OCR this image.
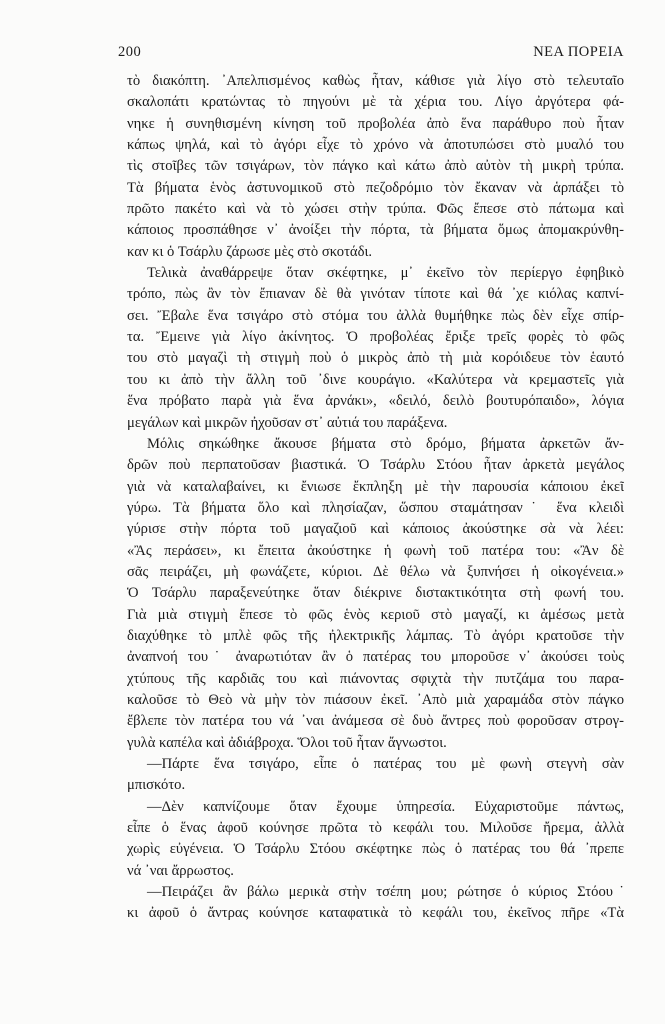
200	ΝΕΑ ΠΟΡΕΙΑ
τὸ διακόπτη. ᾿Απελπισμένος καθὼς ἦταν, κάθισε γιὰ λίγο στὸ τελευταῖο
σκαλοπάτι κρατώντας τὸ πηγούνι μὲ τὰ χέρια του. Λίγο ἀργότερα φά-
νηκε ἡ συνηθισμένη κίνηση τοῦ προβολέα ἀπὸ ἕνα παράθυρο ποὺ ἦταν
κάπως ψηλά, καὶ τὸ ἀγόρι εἶχε τὸ χρόνο νὰ ἀποτυπώσει στὸ μυαλό του
τὶς στοῖβες τῶν τσιγάρων, τὸν πάγκο καὶ κάτω ἀπὸ αὐτὸν τὴ μικρὴ τρύπα.
Τὰ βήματα ἑνὸς ἀστυνομικοῦ στὸ πεζοδρόμιο τὸν ἔκαναν νὰ ἁρπάξει τὸ
πρῶτο πακέτο καὶ νὰ τὸ χώσει στὴν τρύπα. Φῶς ἔπεσε στὸ πάτωμα καὶ
κάποιος προσπάθησε ν᾿ ἀνοίξει τὴν πόρτα, τὰ βήματα ὅμως ἀπομακρύνθη-
καν κι ὁ Τσάρλυ ζάρωσε μὲς στὸ σκοτάδι.
Τελικὰ ἀναθάρρεψε ὅταν σκέφτηκε, μ᾿ ἐκεῖνο τὸν περίεργο ἐφηβικὸ
τρόπο, πὼς ἂν τὸν ἔπιαναν δὲ θὰ γινόταν τίποτε καὶ θά ᾿χε κιόλας καπνί-
σει. Ἔβαλε ἕνα τσιγάρο στὸ στόμα του ἀλλὰ θυμήθηκε πὼς δὲν εἶχε σπίρ-
τα. Ἔμεινε γιὰ λίγο ἀκίνητος. Ὁ προβολέας ἔριξε τρεῖς φορὲς τὸ φῶς
του στὸ μαγαζὶ τὴ στιγμὴ ποὺ ὁ μικρὸς ἀπὸ τὴ μιὰ κορόιδευε τὸν ἑαυτό
του κι ἀπὸ τὴν ἄλλη τοῦ ᾿δινε κουράγιο. «Καλύτερα νὰ κρεμαστεῖς γιὰ
ἕνα πρόβατο παρὰ γιὰ ἕνα ἀρνάκι», «δειλό, δειλὸ βουτυρόπαιδο», λόγια
μεγάλων καὶ μικρῶν ἠχοῦσαν στ᾿ αὐτιά του παράξενα.
Μόλις σηκώθηκε ἄκουσε βήματα στὸ δρόμο, βήματα ἀρκετῶν ἄν-
δρῶν ποὺ περπατοῦσαν βιαστικά. Ὁ Τσάρλυ Στόου ἦταν ἀρκετὰ μεγάλος
γιὰ νὰ καταλαβαίνει, κι ἔνιωσε ἔκπληξη μὲ τὴν παρουσία κάποιου ἐκεῖ
γύρω. Τὰ βήματα ὅλο καὶ πλησίαζαν, ὥσπου σταμάτησαν˙ ἕνα κλειδὶ
γύρισε στὴν πόρτα τοῦ μαγαζιοῦ καὶ κάποιος ἀκούστηκε σὰ νὰ λέει:
«Ἂς περάσει», κι ἔπειτα ἀκούστηκε ἡ φωνὴ τοῦ πατέρα του: «Ἂν δὲ
σᾶς πειράζει, μὴ φωνάζετε, κύριοι. Δὲ θέλω νὰ ξυπνήσει ἡ οἰκογένεια.»
Ὁ Τσάρλυ παραξενεύτηκε ὅταν διέκρινε διστακτικότητα στὴ φωνή του.
Γιὰ μιὰ στιγμὴ ἔπεσε τὸ φῶς ἑνὸς κεριοῦ στὸ μαγαζί, κι ἀμέσως μετὰ
διαχύθηκε τὸ μπλὲ φῶς τῆς ἠλεκτρικῆς λάμπας. Τὸ ἀγόρι κρατοῦσε τὴν
ἀναπνοή του˙ ἀναρωτιόταν ἂν ὁ πατέρας του μποροῦσε ν᾿ ἀκούσει τοὺς
χτύπους τῆς καρδιᾶς του καὶ πιάνοντας σφιχτὰ τὴν πυτζάμα του παρα-
καλοῦσε τὸ Θεὸ νὰ μὴν τὸν πιάσουν ἐκεῖ. ᾿Απὸ μιὰ χαραμάδα στὸν πάγκο
ἔβλεπε τὸν πατέρα του νά ᾿ναι ἀνάμεσα σὲ δυὸ ἄντρες ποὺ φοροῦσαν στρογ-
γυλὰ καπέλα καὶ ἀδιάβροχα. Ὅλοι τοῦ ἦταν ἄγνωστοι.
—Πάρτε ἕνα τσιγάρο, εἶπε ὁ πατέρας του μὲ φωνὴ στεγνὴ σὰν
μπισκότο.
—Δὲν καπνίζουμε ὅταν ἔχουμε ὑπηρεσία. Εὐχαριστοῦμε πάντως,
εἶπε ὁ ἕνας ἀφοῦ κούνησε πρῶτα τὸ κεφάλι του. Μιλοῦσε ἤρεμα, ἀλλὰ
χωρὶς εὐγένεια. Ὁ Τσάρλυ Στόου σκέφτηκε πὼς ὁ πατέρας του θά ᾿πρεπε
νά ᾿ναι ἄρρωστος.
—Πειράζει ἂν βάλω μερικὰ στὴν τσέπη μου; ρώτησε ὁ κύριος Στόου˙
κι ἀφοῦ ὁ ἄντρας κούνησε καταφατικὰ τὸ κεφάλι του, ἐκεῖνος πῆρε «Τὰ
